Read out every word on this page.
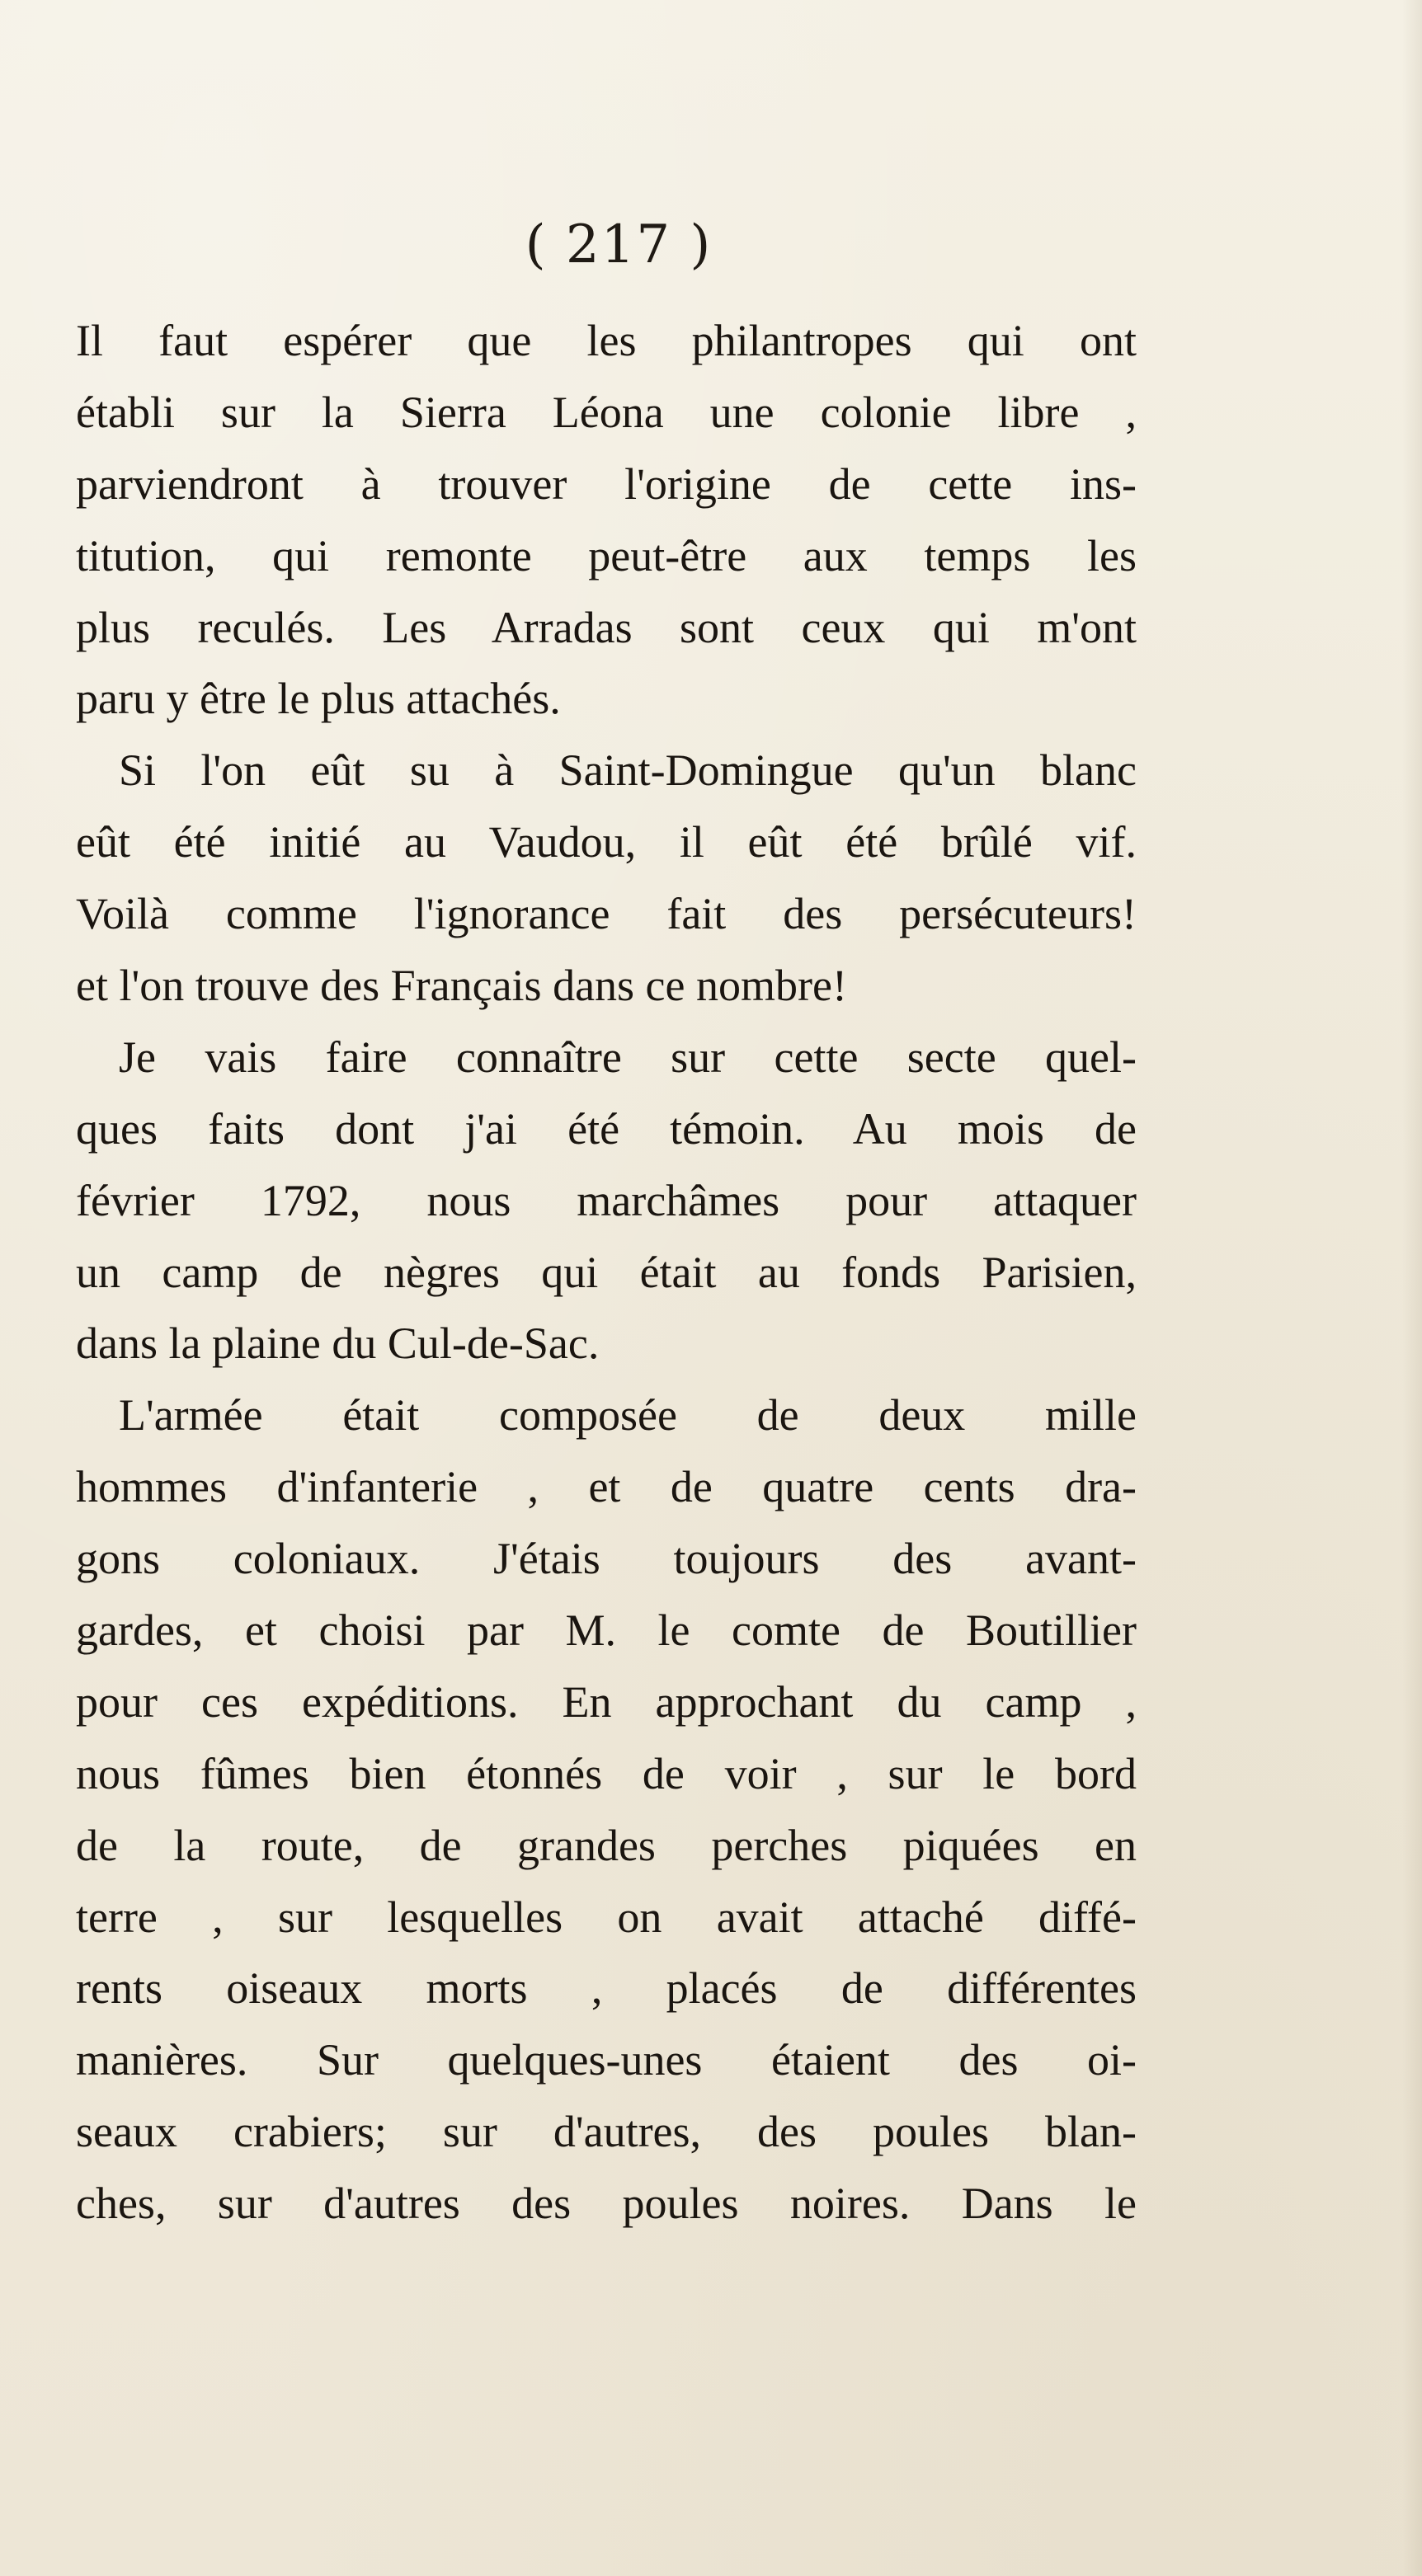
( 217 )
Il faut espérer que les philantropes qui ont
établi sur la Sierra Léona une colonie libre ,
parviendront à trouver l'origine de cette ins-
titution, qui remonte peut-être aux temps les
plus reculés. Les Arradas sont ceux qui m'ont
paru y être le plus attachés.
Si l'on eût su à Saint-Domingue qu'un blanc
eût été initié au Vaudou, il eût été brûlé vif.
Voilà comme l'ignorance fait des persécuteurs!
et l'on trouve des Français dans ce nombre!
Je vais faire connaître sur cette secte quel-
ques faits dont j'ai été témoin. Au mois de
février 1792, nous marchâmes pour attaquer
un camp de nègres qui était au fonds Parisien,
dans la plaine du Cul-de-Sac.
L'armée était composée de deux mille
hommes d'infanterie , et de quatre cents dra-
gons coloniaux. J'étais toujours des avant-
gardes, et choisi par M. le comte de Boutillier
pour ces expéditions. En approchant du camp ,
nous fûmes bien étonnés de voir , sur le bord
de la route, de grandes perches piquées en
terre , sur lesquelles on avait attaché diffé-
rents oiseaux morts , placés de différentes
manières. Sur quelques-unes étaient des oi-
seaux crabiers; sur d'autres, des poules blan-
ches, sur d'autres des poules noires. Dans le
